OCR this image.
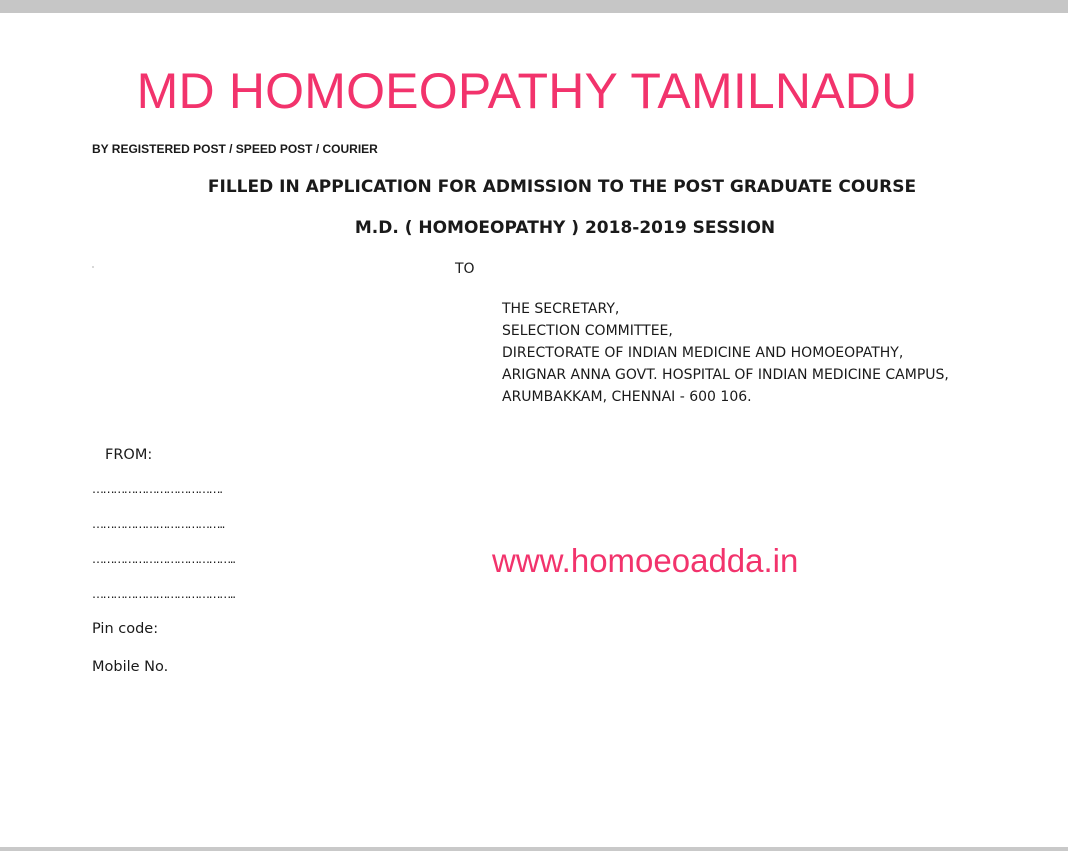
MD HOMOEOPATHY TAMILNADU
BY REGISTERED POST / SPEED POST / COURIER
FILLED IN APPLICATION FOR ADMISSION TO THE POST GRADUATE COURSE
M.D. ( HOMOEOPATHY ) 2018-2019 SESSION
TO
THE SECRETARY,
SELECTION COMMITTEE,
DIRECTORATE OF INDIAN MEDICINE AND HOMOEOPATHY,
ARIGNAR ANNA GOVT. HOSPITAL OF INDIAN MEDICINE CAMPUS,
ARUMBAKKAM, CHENNAI - 600 106.
FROM:
……………………………….
………………………………..
…………………………………..
…………………………………..
Pin code:
Mobile No.
www.homoeoadda.in
